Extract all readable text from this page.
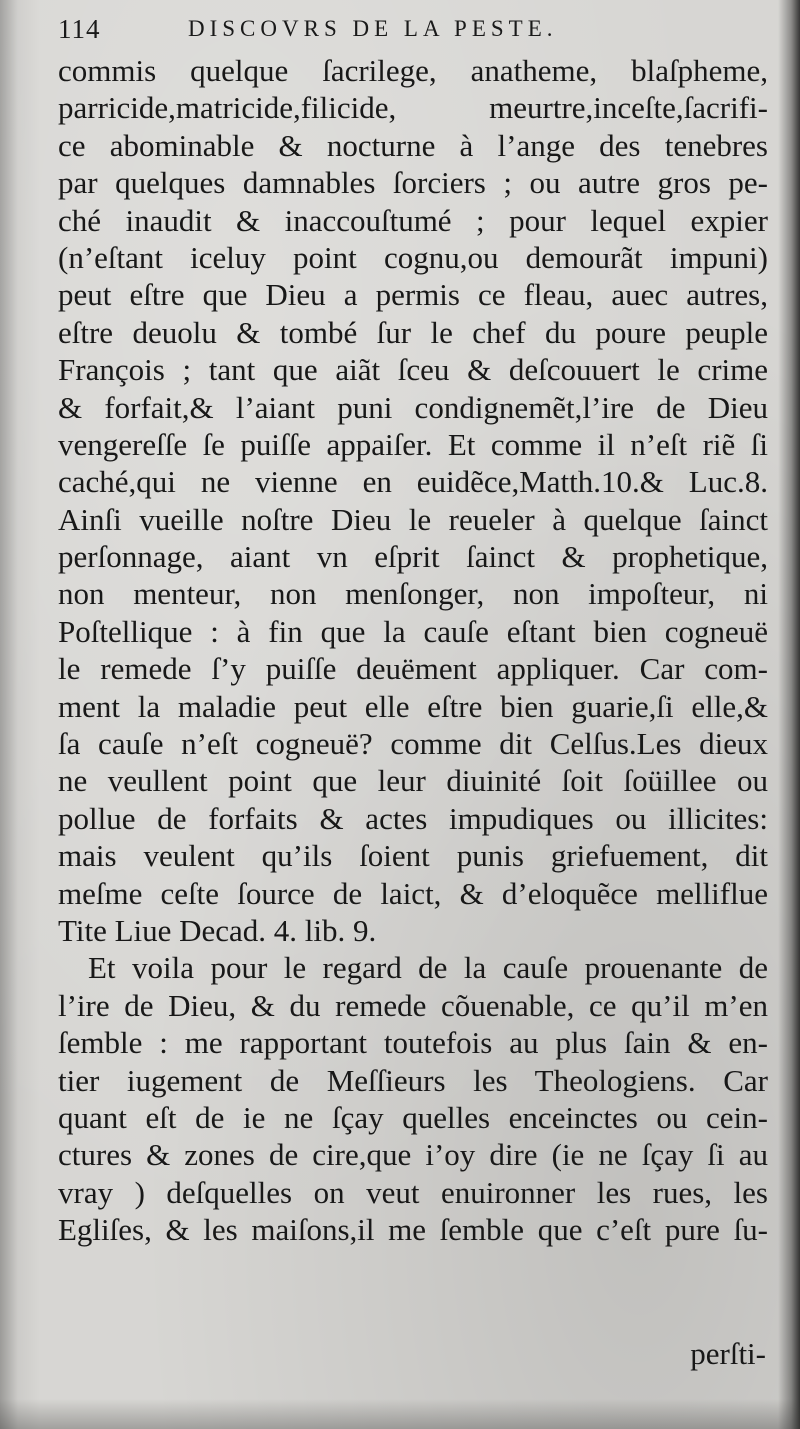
114	DISCOVRS DE LA PESTE.
commis quelque ſacrilege, anatheme, blaſpheme,
parricide,matricide,filicide, meurtre,inceſte,ſacrifi-
ce abominable & nocturne à l’ange des tenebres
par quelques damnables ſorciers ; ou autre gros pe-
ché inaudit & inaccouſtumé ; pour lequel expier
(n’eſtant iceluy point cognu,ou demourãt impuni)
peut eſtre que Dieu a permis ce fleau, auec autres,
eſtre deuolu & tombé ſur le chef du poure peuple
François ; tant que aiãt ſceu & deſcouuert le crime
& forfait,& l’aiant puni condignemẽt,l’ire de Dieu
vengereſſe ſe puiſſe appaiſer. Et comme il n’eſt riẽ ſi
caché,qui ne vienne en euidẽce,Matth.10.& Luc.8.
Ainſi vueille noſtre Dieu le reueler à quelque ſainct
perſonnage, aiant vn eſprit ſainct & prophetique,
non menteur, non menſonger, non impoſteur, ni
Poſtellique : à fin que la cauſe eſtant bien cogneuë
le remede ſ’y puiſſe deuëment appliquer. Car com-
ment la maladie peut elle eſtre bien guarie,ſi elle,&
ſa cauſe n’eſt cogneuë? comme dit Celſus.Les dieux
ne veullent point que leur diuinité ſoit ſoüillee ou
pollue de forfaits & actes impudiques ou illicites:
mais veulent qu’ils ſoient punis griefuement, dit
meſme ceſte ſource de laict, & d’eloquẽce melliflue
Tite Liue Decad. 4. lib. 9.
Et voila pour le regard de la cauſe prouenante de
l’ire de Dieu, & du remede cõuenable, ce qu’il m’en
ſemble : me rapportant toutefois au plus ſain & en-
tier iugement de Meſſieurs les Theologiens. Car
quant eſt de ie ne ſçay quelles enceinctes ou cein-
ctures & zones de cire,que i’oy dire (ie ne ſçay ſi au
vray ) deſquelles on veut enuironner les rues, les
Egliſes, & les maiſons,il me ſemble que c’eſt pure ſu-
perſti-
